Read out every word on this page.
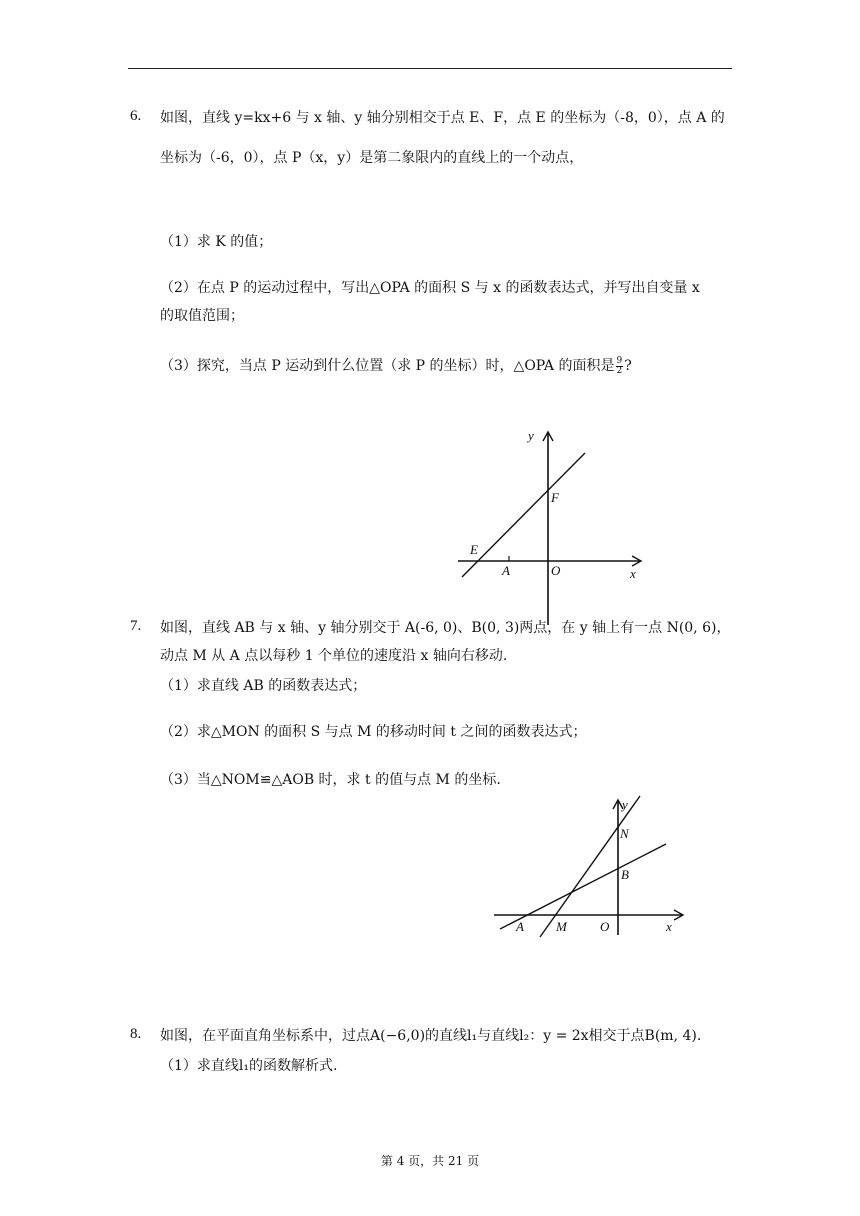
6. 如图，直线 y=kx+6 与 x 轴、y 轴分别相交于点 E、F，点 E 的坐标为（-8，0），点 A 的
坐标为（-6，0），点 P（x，y）是第二象限内的直线上的一个动点，
（1）求 K 的值；
（2）在点 P 的运动过程中，写出△OPA 的面积 S 与 x 的函数表达式，并写出自变量 x
的取值范围；
（3）探究，当点 P 运动到什么位置（求 P 的坐标）时，△OPA 的面积是 $\frac{9}{2}$ ?
y
F
E
A	O	x
7. 如图，直线 AB 与 x 轴、y 轴分别交于 A(-6, 0)、B(0, 3)两点，在 y 轴上有一点 N(0, 6)，
动点 M 从 A 点以每秒 1 个单位的速度沿 x 轴向右移动.
（1）求直线 AB 的函数表达式；
（2）求△MON 的面积 S 与点 M 的移动时间 t 之间的函数表达式；
（3）当△NOM≌△AOB 时，求 t 的值与点 M 的坐标.
y
N
B
A M	O	x
8. 如图，在平面直角坐标系中，过点A(−6,0)的直线l₁与直线l₂：y = 2x相交于点B(m, 4).
（1）求直线l₁的函数解析式.
第 4 页，共 21 页
